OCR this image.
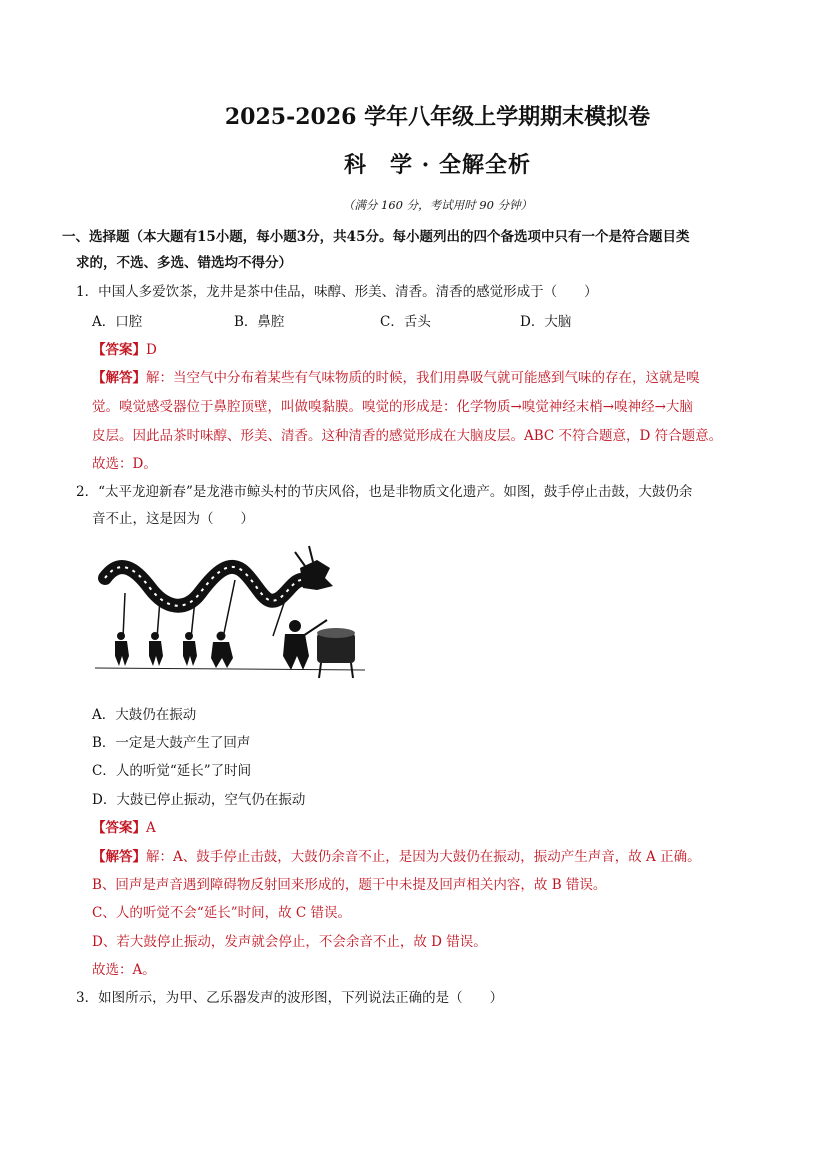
2025-2026 学年八年级上学期期末模拟卷
科　学 · 全解全析
（满分 160 分，考试用时 90 分钟）
一、选择题（本大题有15小题，每小题3分，共45分。每小题列出的四个备选项中只有一个是符合题目类
求的，不选、多选、错选均不得分）
1．中国人多爱饮茶，龙井是茶中佳品，味醇、形美、清香。清香的感觉形成于（　　）
A．口腔	B．鼻腔	C．舌头	D．大脑
【答案】D
【解答】解：当空气中分布着某些有气味物质的时候，我们用鼻吸气就可能感到气味的存在，这就是嗅
觉。嗅觉感受器位于鼻腔顶壁，叫做嗅黏膜。嗅觉的形成是：化学物质→嗅觉神经末梢→嗅神经→大脑
皮层。因此品茶时味醇、形美、清香。这种清香的感觉形成在大脑皮层。ABC 不符合题意，D 符合题意。
故选：D。
2．“太平龙迎新春”是龙港市鲸头村的节庆风俗，也是非物质文化遗产。如图，鼓手停止击鼓，大鼓仍余
音不止，这是因为（　　）
A．大鼓仍在振动
B．一定是大鼓产生了回声
C．人的听觉“延长”了时间
D．大鼓已停止振动，空气仍在振动
【答案】A
【解答】解：A、鼓手停止击鼓，大鼓仍余音不止，是因为大鼓仍在振动，振动产生声音，故 A 正确。
B、回声是声音遇到障碍物反射回来形成的，题干中未提及回声相关内容，故 B 错误。
C、人的听觉不会“延长”时间，故 C 错误。
D、若大鼓停止振动，发声就会停止，不会余音不止，故 D 错误。
故选：A。
3．如图所示，为甲、乙乐器发声的波形图，下列说法正确的是（　　）
